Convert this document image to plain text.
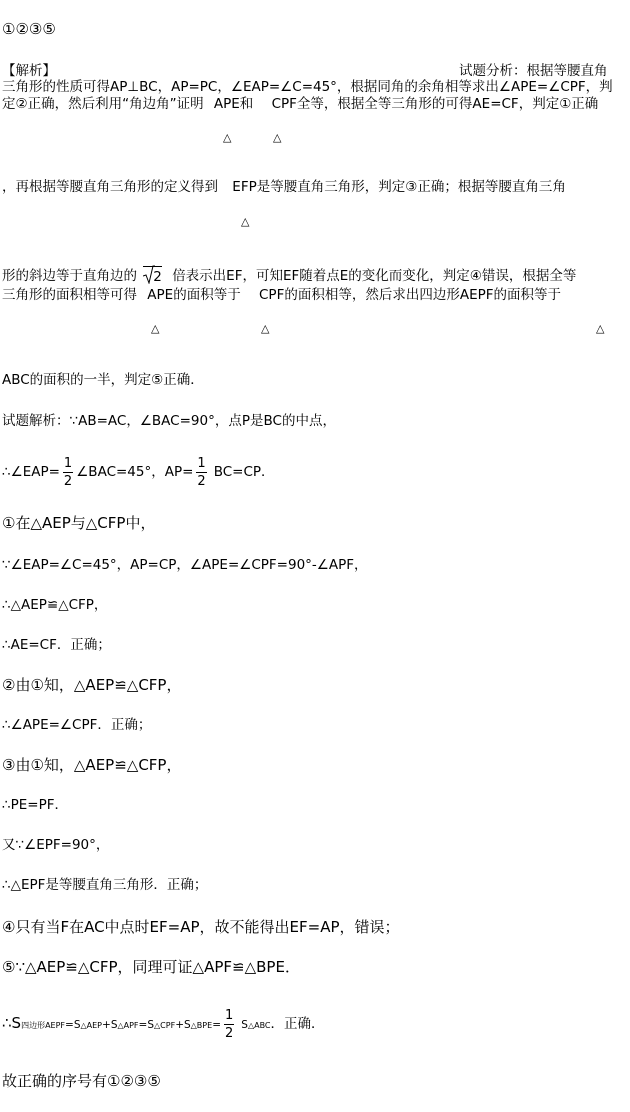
①②③⑤
【解析】	试题分析：根据等腰直角
三角形的性质可得AP⊥BC，AP=PC，∠EAP=∠C=45°，根据同角的余角相等求出∠APE=∠CPF，判
定②正确，然后利用“角边角”证明 APE和 CPF全等，根据全等三角形的可得AE=CF，判定①正确
△	△
，再根据等腰直角三角形的定义得到 EFP是等腰直角三角形，判定③正确；根据等腰直角三角
△
形的斜边等于直角边的 2 倍表示出EF，可知EF随着点E的变化而变化，判定④错误，根据全等
三角形的面积相等可得 APE的面积等于 CPF的面积相等，然后求出四边形AEPF的面积等于
△	△	△
ABC的面积的一半，判定⑤正确．
试题解析：∵AB=AC，∠BAC=90°，点P是BC的中点，
∴∠EAP= $\frac{1}{2}$ ∠BAC=45°，$AP= \frac{1}{2} BC=CP$．
①在△AEP与△CFP中，
∵∠EAP=∠C=45°，AP=CP，∠APE=∠CPF=90°-∠APF，
∴△AEP≌△CFP，
∴AE=CF．正确；
②由①知，△AEP≌△CFP，
∴∠APE=∠CPF．正确；
③由①知，△AEP≌△CFP，
∴PE=PF．
又∵∠EPF=90°，
∴△EPF是等腰直角三角形．正确；
④只有当F在AC中点时EF=AP，故不能得出EF=AP，错误；
⑤∵△AEP≌△CFP，同理可证△APF≌△BPE．
∴S四边形AEPF=S△AEP+S△APF=S△CPF+S△BPE= $\frac{1}{2}$ S△ABC．正确．
故正确的序号有①②③⑤
